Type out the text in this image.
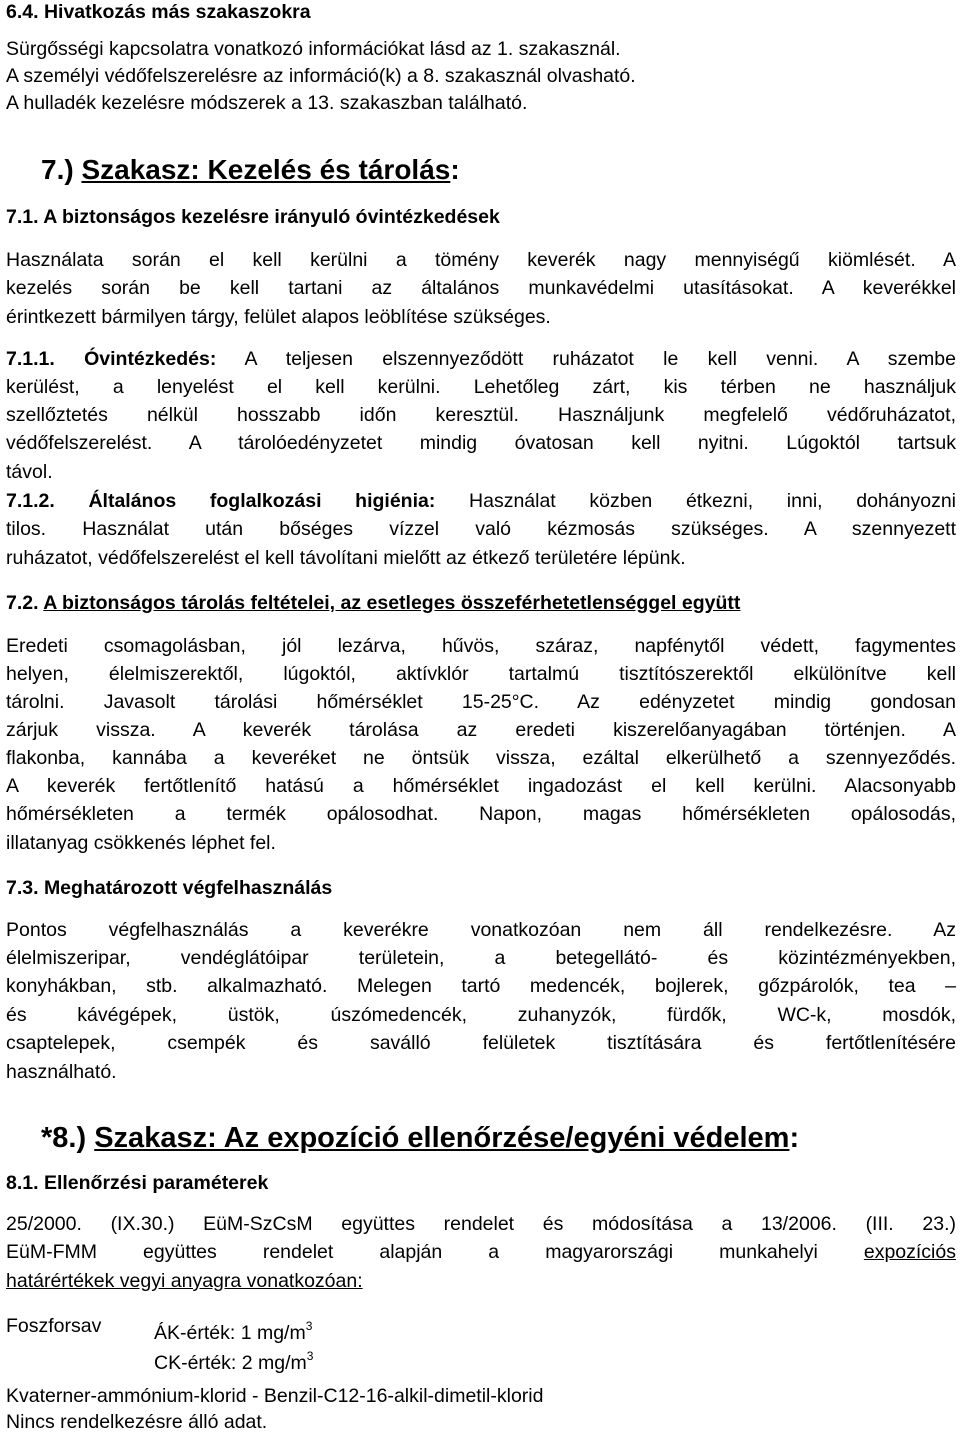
6.4. Hivatkozás más szakaszokra
Sürgősségi kapcsolatra vonatkozó információkat lásd az 1. szakasznál.
A személyi védőfelszerelésre az információ(k) a 8. szakasznál olvasható.
A hulladék kezelésre módszerek a 13. szakaszban található.
7.) Szakasz: Kezelés és tárolás:
7.1. A biztonságos kezelésre irányuló óvintézkedések
Használata során el kell kerülni a tömény keverék nagy mennyiségű kiömlését. A
kezelés során be kell tartani az általános munkavédelmi utasításokat. A keverékkel
érintkezett bármilyen tárgy, felület alapos leöblítése szükséges.
7.1.1. Óvintézkedés: A teljesen elszennyeződött ruházatot le kell venni. A szembe
kerülést, a lenyelést el kell kerülni. Lehetőleg zárt, kis térben ne használjuk
szellőztetés nélkül hosszabb időn keresztül. Használjunk megfelelő védőruházatot,
védőfelszerelést. A tárolóedényzetet mindig óvatosan kell nyitni. Lúgoktól tartsuk
távol.
7.1.2. Általános foglalkozási higiénia: Használat közben étkezni, inni, dohányozni
tilos. Használat után bőséges vízzel való kézmosás szükséges. A szennyezett
ruházatot, védőfelszerelést el kell távolítani mielőtt az étkező területére lépünk.
7.2. A biztonságos tárolás feltételei, az esetleges összeférhetetlenséggel együtt
Eredeti csomagolásban, jól lezárva, hűvös, száraz, napfénytől védett, fagymentes
helyen, élelmiszerektől, lúgoktól, aktívklór tartalmú tisztítószerektől elkülönítve kell
tárolni. Javasolt tárolási hőmérséklet 15-25°C. Az edényzetet mindig gondosan
zárjuk vissza. A keverék tárolása az eredeti kiszerelőanyagában történjen. A
flakonba, kannába a keveréket ne öntsük vissza, ezáltal elkerülhető a szennyeződés.
A keverék fertőtlenítő hatású a hőmérséklet ingadozást el kell kerülni. Alacsonyabb
hőmérsékleten a termék opálosodhat. Napon, magas hőmérsékleten opálosodás,
illatanyag csökkenés léphet fel.
7.3. Meghatározott végfelhasználás
Pontos végfelhasználás a keverékre vonatkozóan nem áll rendelkezésre. Az
élelmiszeripar, vendéglátóipar területein, a betegellátó- és közintézményekben,
konyhákban, stb. alkalmazható. Melegen tartó medencék, bojlerek, gőzpárolók, tea –
és kávégépek, üstök, úszómedencék, zuhanyzók, fürdők, WC-k, mosdók,
csaptelepek, csempék és saválló felületek tisztítására és fertőtlenítésére
használható.
*8.) Szakasz: Az expozíció ellenőrzése/egyéni védelem:
8.1. Ellenőrzési paraméterek
25/2000. (IX.30.) EüM-SzCsM együttes rendelet és módosítása a 13/2006. (III. 23.)
EüM-FMM együttes rendelet alapján a magyarországi munkahelyi expozíciós
határértékek vegyi anyagra vonatkozóan:
Foszforsav	ÁK-érték: 1 $mg/m^3$
CK-érték: 2 $mg/m^3$
Kvaterner-ammónium-klorid - Benzil-C12-16-alkil-dimetil-klorid
Nincs rendelkezésre álló adat.
